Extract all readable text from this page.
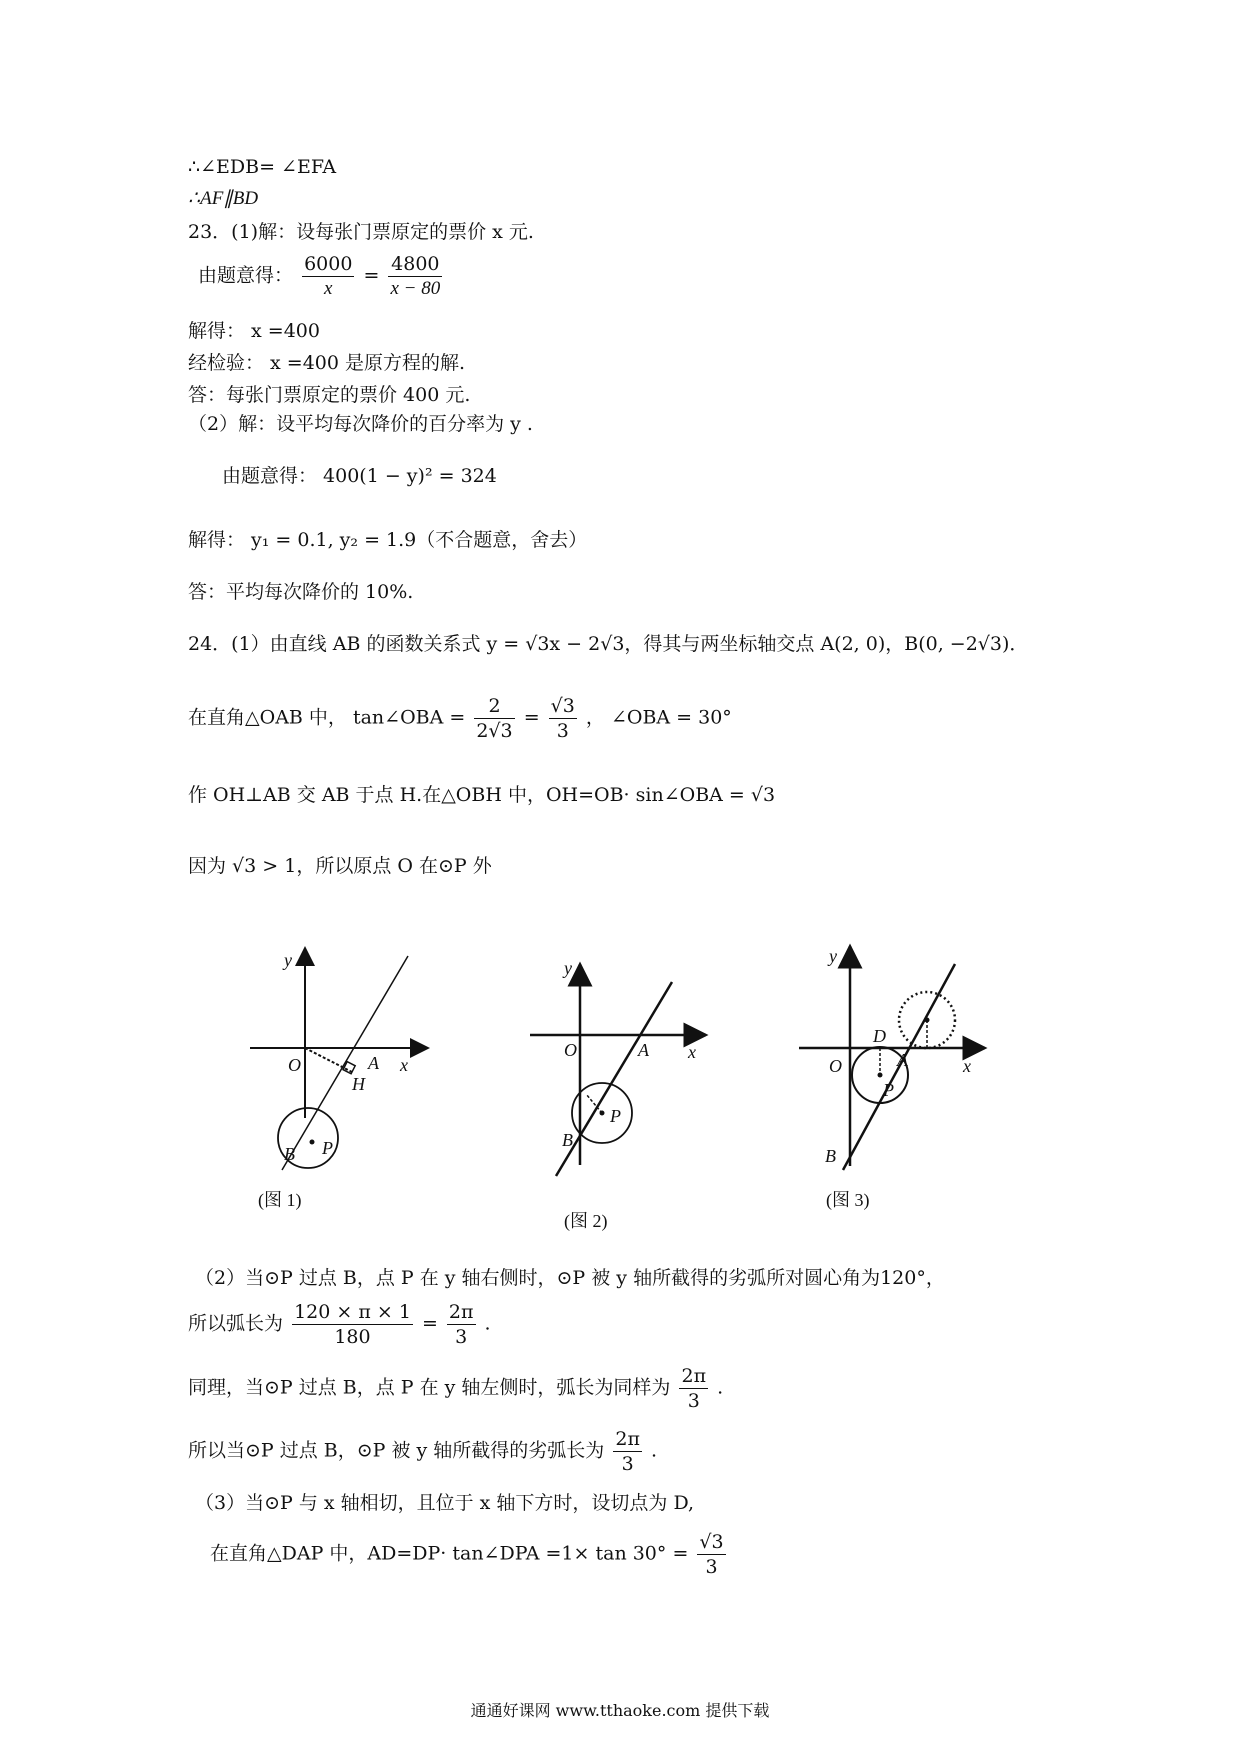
∴∠EDB= ∠EFA
∴AF∥BD
23．(1)解：设每张门票原定的票价 x 元.
由题意得： $\frac{6000}{x} = \frac{4800}{x - 80}$
解得： x =400
经检验： x =400 是原方程的解.
答：每张门票原定的票价 400 元.
（2）解：设平均每次降价的百分率为 y .
由题意得： 400(1 − y)² = 324
解得： y₁ = 0.1, y₂ = 1.9（不合题意，舍去）
答：平均每次降价的 10%.
24．(1）由直线 AB 的函数关系式 y = √3x − 2√3，得其与两坐标轴交点 A(2, 0)，B(0, −2√3)．
在直角△OAB 中， tan∠OBA = $\frac{2}{2√3} = \frac{√3}{3}$ ， ∠OBA = 30°
作 OH⊥AB 交 AB 于点 H.在△OBH 中，OH=OB· sin∠OBA = √3
因为 √3 > 1，所以原点 O 在⊙P 外
y
O	x
A
H
B P
(图 1)
y
O	A x
P
B
(图 2)
y
O
D
A
P
x
B
(图 3)
（2）当⊙P 过点 B，点 P 在 y 轴右侧时，⊙P 被 y 轴所截得的劣弧所对圆心角为120°，
所以弧长为 $\frac{120 \times \pi \times 1}{180} = \frac{2\pi}{3}$ .
同理，当⊙P 过点 B，点 P 在 y 轴左侧时，弧长为同样为 $\frac{2\pi}{3}$ .
所以当⊙P 过点 B，⊙P 被 y 轴所截得的劣弧长为 $\frac{2\pi}{3}$ .
（3）当⊙P 与 x 轴相切，且位于 x 轴下方时，设切点为 D,
在直角△DAP 中，AD=DP· tan∠DPA $=1\times \tan 30^\circ = \frac{√3}{3}$
通通好课网 www.tthaoke.com 提供下载
